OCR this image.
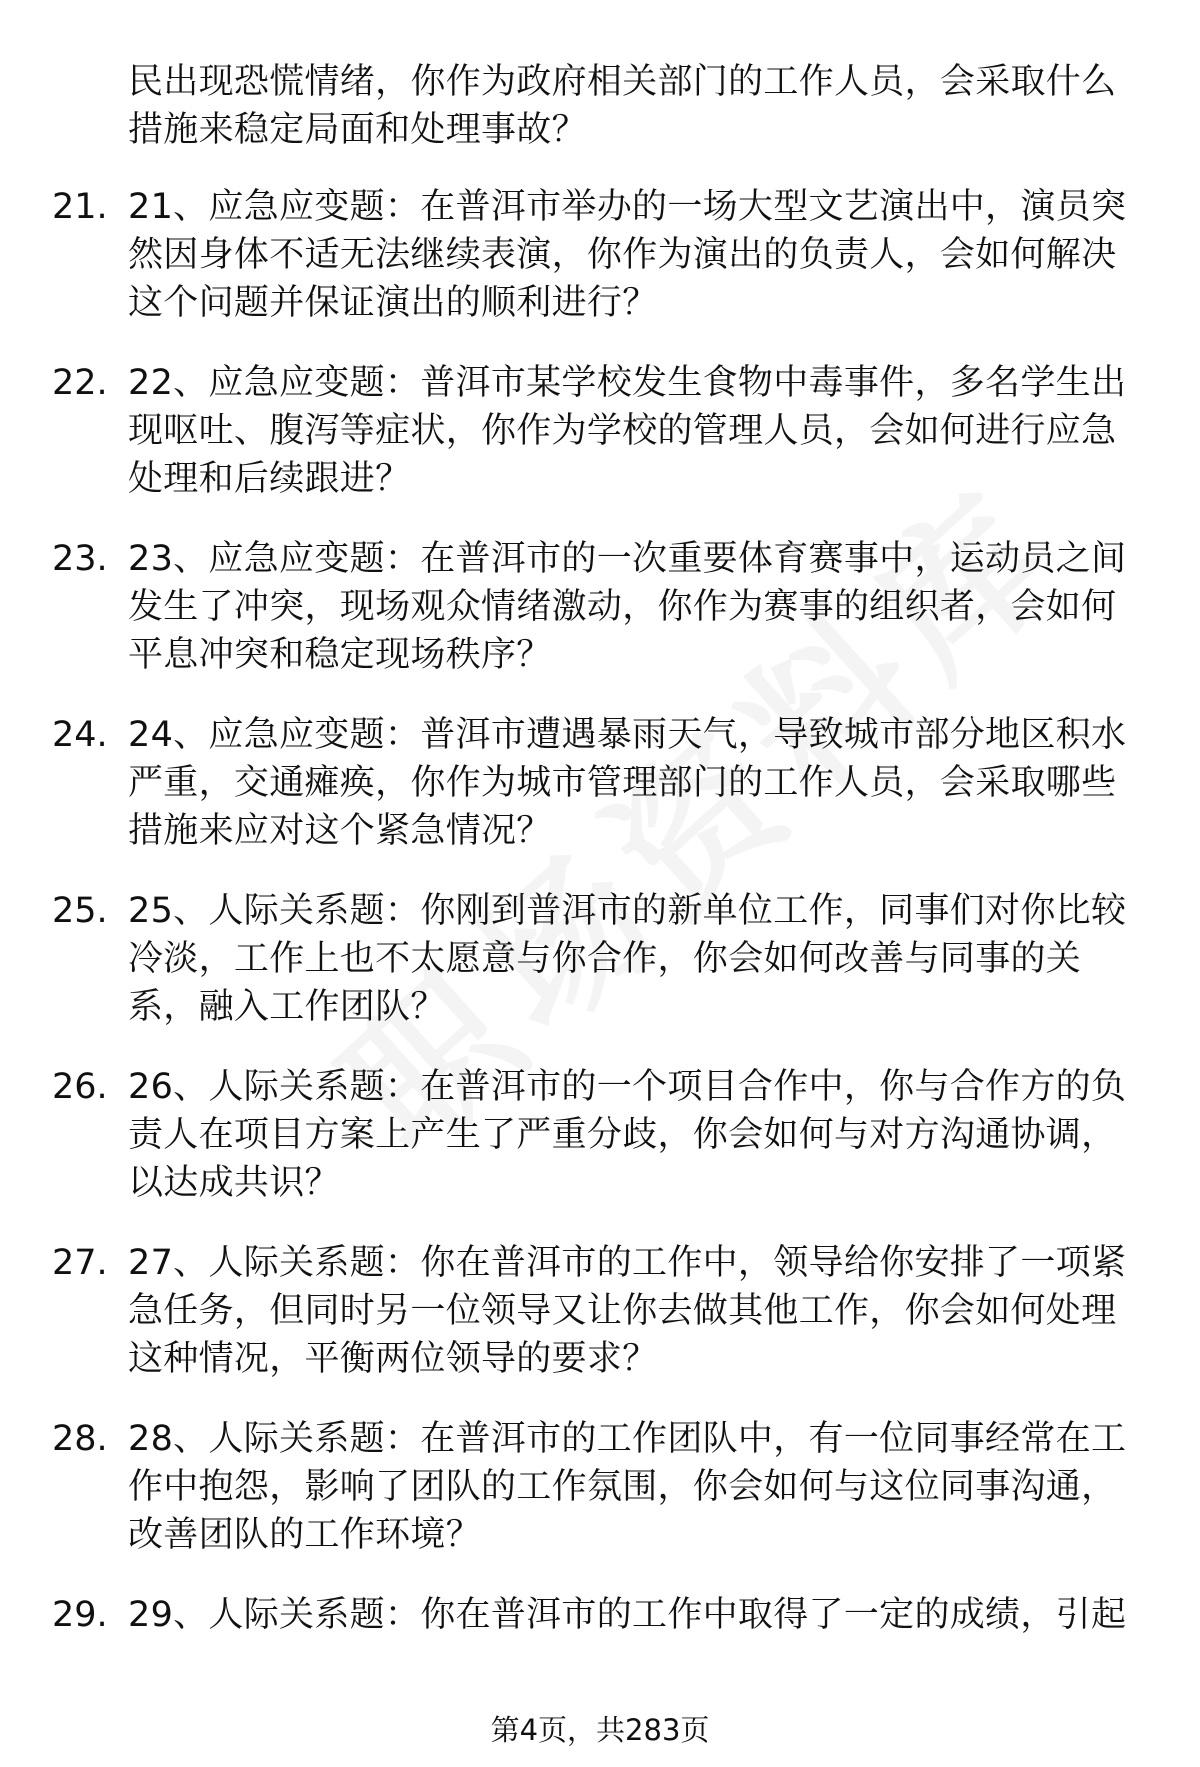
民出现恐慌情绪，你作为政府相关部门的工作人员，会采取什么措施来稳定局面和处理事故？
21. 21、应急应变题：在普洱市举办的一场大型文艺演出中，演员突然因身体不适无法继续表演，你作为演出的负责人，会如何解决这个问题并保证演出的顺利进行？
22. 22、应急应变题：普洱市某学校发生食物中毒事件，多名学生出现呕吐、腹泻等症状，你作为学校的管理人员，会如何进行应急处理和后续跟进？
23. 23、应急应变题：在普洱市的一次重要体育赛事中，运动员之间发生了冲突，现场观众情绪激动，你作为赛事的组织者，会如何平息冲突和稳定现场秩序？
24. 24、应急应变题：普洱市遭遇暴雨天气，导致城市部分地区积水严重，交通瘫痪，你作为城市管理部门的工作人员，会采取哪些措施来应对这个紧急情况？
25. 25、人际关系题：你刚到普洱市的新单位工作，同事们对你比较冷淡，工作上也不太愿意与你合作，你会如何改善与同事的关系，融入工作团队？
26. 26、人际关系题：在普洱市的一个项目合作中，你与合作方的负责人在项目方案上产生了严重分歧，你会如何与对方沟通协调，以达成共识？
27. 27、人际关系题：你在普洱市的工作中，领导给你安排了一项紧急任务，但同时另一位领导又让你去做其他工作，你会如何处理这种情况，平衡两位领导的要求？
28. 28、人际关系题：在普洱市的工作团队中，有一位同事经常在工作中抱怨，影响了团队的工作氛围，你会如何与这位同事沟通，改善团队的工作环境？
29. 29、人际关系题：你在普洱市的工作中取得了一定的成绩，引起
第4页，共283页
